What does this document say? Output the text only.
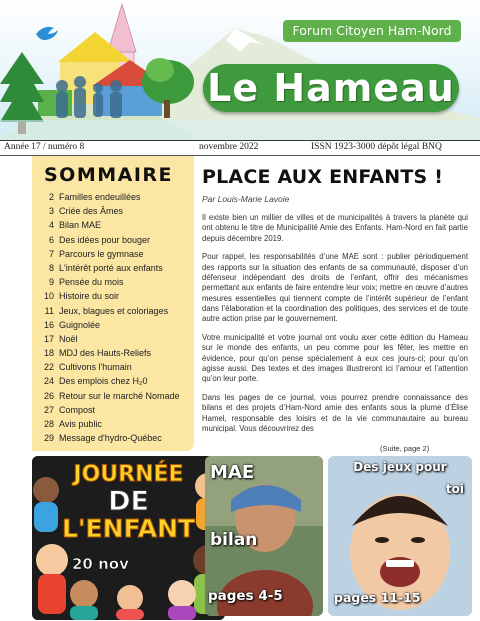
Forum Citoyen Ham-Nord
Le Hameau
Année 17 / numéro 8	novembre 2022	ISSN 1923-3000 dépôt légal BNQ
SOMMAIRE
2 Familles endeuillées
3 Criée des Âmes
4 Bilan MAE
6 Des idées pour bouger
7 Parcours le gymnase
8 L'intérêt porté aux enfants
9 Pensée du mois
10 Histoire du soir
11 Jeux, blagues et coloriages
16 Guignolée
17 Noël
18 MDJ des Hauts-Reliefs
22 Cultivons l'humain
24 Des emplois chez H₂0
26 Retour sur le marché Nomade
27 Compost
28 Avis public
29 Message d'hydro-Québec
PLACE AUX ENFANTS !
Par Louis-Marie Lavoie

Il existe bien un millier de villes et de municipalités à travers la planète qui ont obtenu le titre de Municipalité Amie des Enfants. Ham-Nord en fait partie depuis décembre 2019.

Pour rappel, les responsabilités d’une MAE sont : publier périodiquement des rapports sur la situation des enfants de sa communauté, disposer d’un défenseur indépendant des droits de l’enfant, offrir des mécanismes permettant aux enfants de faire entendre leur voix; mettre en œuvre d’autres mesures essentielles qui tiennent compte de l’intérêt supérieur de l’enfant dans l’élaboration et la coordination des politiques, des services et de toute autre action prise par le gouvernement.

Votre municipalité et votre journal ont voulu axer cette édition du Hameau sur le monde des enfants, un peu comme pour les fêter, les mettre en évidence, pour qu’on pense spécialement à eux ces jours-ci; pour qu’on agisse aussi. Des textes et des images illustreront ici l’amour et l’attention qu’on leur porte.

Dans les pages de ce journal, vous pourrez prendre connaissance des bilans et des projets d’Ham-Nord amie des enfants sous la plume d’Élise Hamel, responsable des loisirs et de la vie communautaire au bureau municipal. Vous découvrirez des

(Suite, page 2)
JOURNÉE
DE
L'ENFANT
20 nov
MAE
bilan
pages 4-5
Des jeux pour
toi
pages 11-15
